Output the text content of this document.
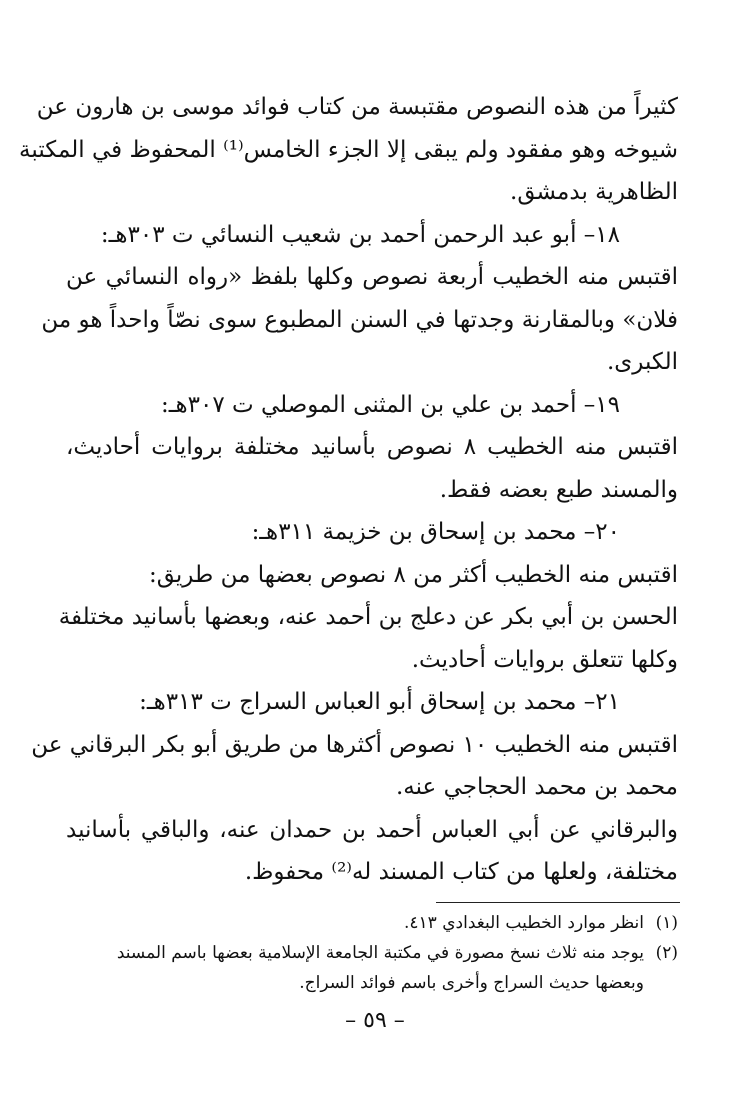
كثيراً من هذه النصوص مقتبسة من كتاب فوائد موسى بن هارون عن
شيوخه وهو مفقود ولم يبقى إلا الجزء الخامس⁽¹⁾ المحفوظ في المكتبة
الظاهرية بدمشق.
١٨– أبو عبد الرحمن أحمد بن شعيب النسائي ت ٣٠٣هـ:
اقتبس منه الخطيب أربعة نصوص وكلها بلفظ «رواه النسائي عن
فلان» وبالمقارنة وجدتها في السنن المطبوع سوى نصّاً واحداً هو من
الكبرى.
١٩– أحمد بن علي بن المثنى الموصلي ت ٣٠٧هـ:
اقتبس منه الخطيب ٨ نصوص بأسانيد مختلفة بروايات أحاديث،
والمسند طبع بعضه فقط.
٢٠– محمد بن إسحاق بن خزيمة ٣١١هـ:
اقتبس منه الخطيب أكثر من ٨ نصوص بعضها من طريق:
الحسن بن أبي بكر عن دعلج بن أحمد عنه، وبعضها بأسانيد مختلفة
وكلها تتعلق بروايات أحاديث.
٢١– محمد بن إسحاق أبو العباس السراج ت ٣١٣هـ:
اقتبس منه الخطيب ١٠ نصوص أكثرها من طريق أبو بكر البرقاني عن
محمد بن محمد الحجاجي عنه.
والبرقاني عن أبي العباس أحمد بن حمدان عنه، والباقي بأسانيد
مختلفة، ولعلها من كتاب المسند له⁽²⁾ محفوظ.
(١)انظر موارد الخطيب البغدادي ٤١٣.
(٢)يوجد منه ثلاث نسخ مصورة في مكتبة الجامعة الإسلامية بعضها باسم المسند
وبعضها حديث السراج وأخرى باسم فوائد السراج.
– ٥٩ –
